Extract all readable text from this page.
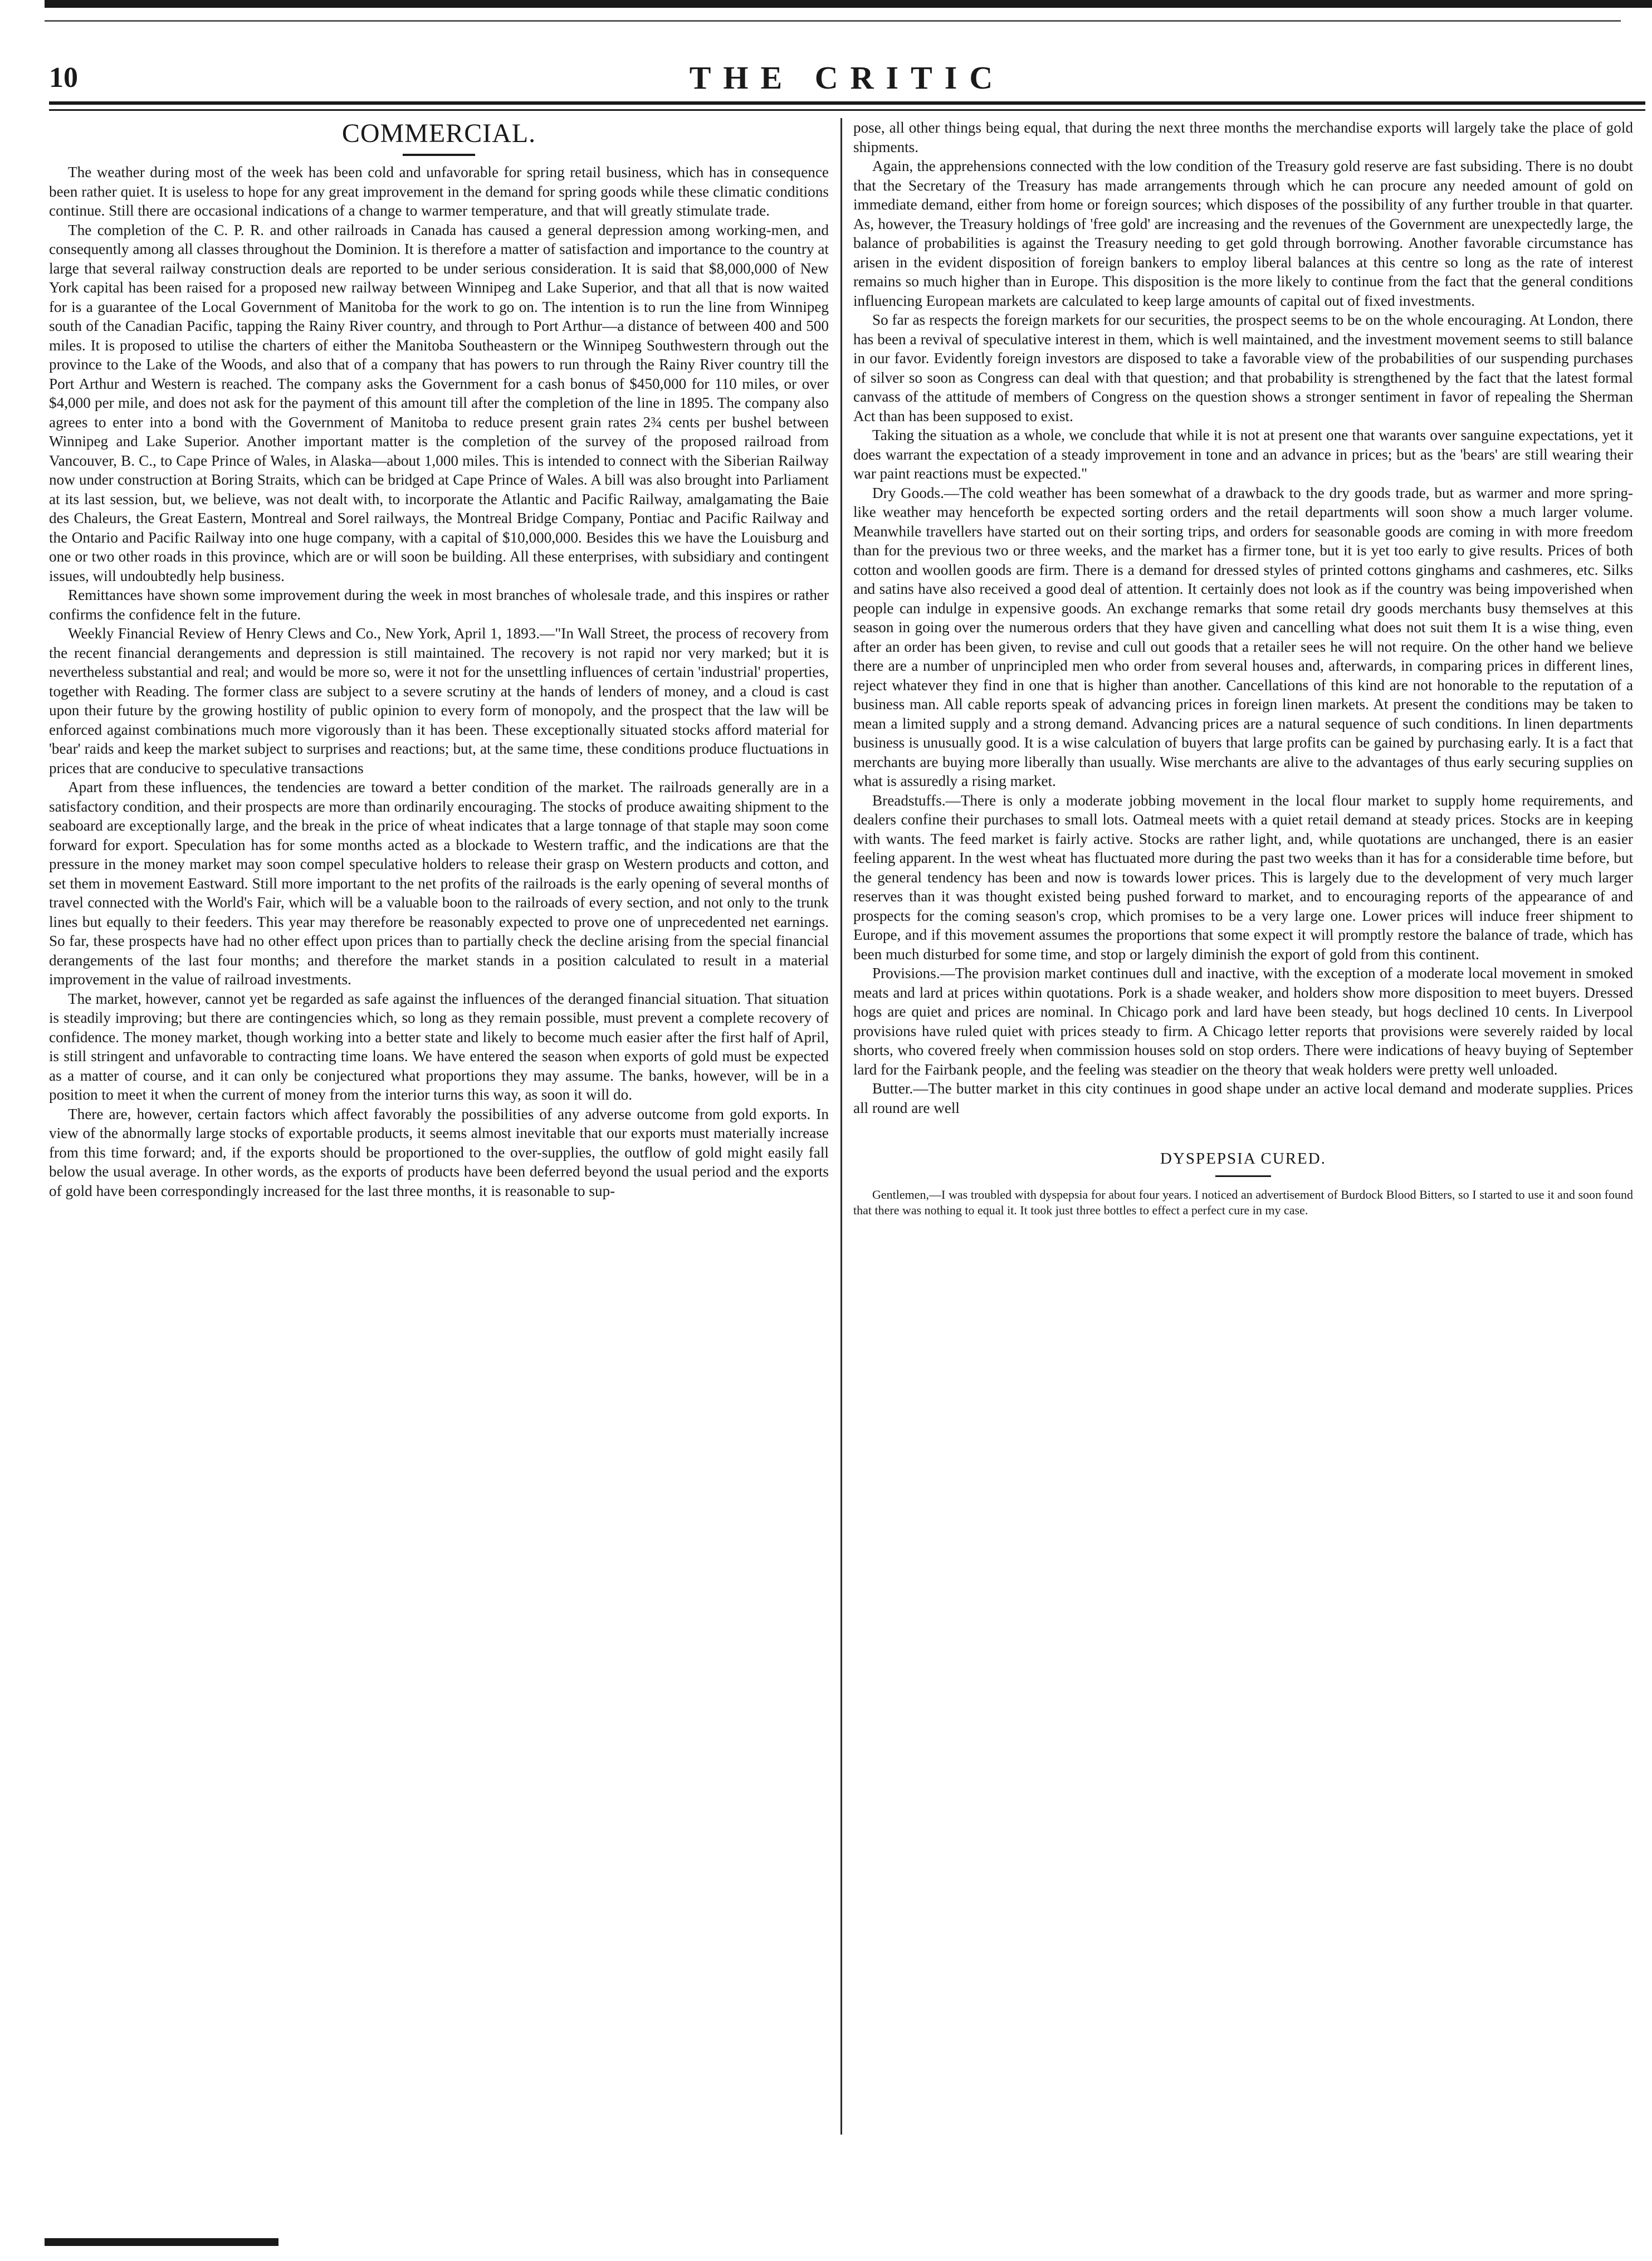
10	THE CRITIC
COMMERCIAL.

The weather during most of the week has been cold and unfavorable for spring retail business, which has in consequence been rather quiet. It is useless to hope for any great improvement in the demand for spring goods while these climatic conditions continue. Still there are occasional indications of a change to warmer temperature, and that will greatly stimulate trade.

The completion of the C. P. R. and other railroads in Canada has caused a general depression among working-men, and consequently among all classes throughout the Dominion. It is therefore a matter of satisfaction and importance to the country at large that several railway construction deals are reported to be under serious consideration. It is said that $8,000,000 of New York capital has been raised for a proposed new railway between Winnipeg and Lake Superior, and that all that is now waited for is a guarantee of the Local Government of Manitoba for the work to go on. The intention is to run the line from Winnipeg south of the Canadian Pacific, tapping the Rainy River country, and through to Port Arthur—a distance of between 400 and 500 miles. It is proposed to utilise the charters of either the Manitoba Southeastern or the Winnipeg Southwestern through out the province to the Lake of the Woods, and also that of a company that has powers to run through the Rainy River country till the Port Arthur and Western is reached. The company asks the Government for a cash bonus of $450,000 for 110 miles, or over $4,000 per mile, and does not ask for the payment of this amount till after the completion of the line in 1895. The company also agrees to enter into a bond with the Government of Manitoba to reduce present grain rates 2¾ cents per bushel between Winnipeg and Lake Superior. Another important matter is the completion of the survey of the proposed railroad from Vancouver, B. C., to Cape Prince of Wales, in Alaska—about 1,000 miles. This is intended to connect with the Siberian Railway now under construction at Boring Straits, which can be bridged at Cape Prince of Wales. A bill was also brought into Parliament at its last session, but, we believe, was not dealt with, to incorporate the Atlantic and Pacific Railway, amalgamating the Baie des Chaleurs, the Great Eastern, Montreal and Sorel railways, the Montreal Bridge Company, Pontiac and Pacific Railway and the Ontario and Pacific Railway into one huge company, with a capital of $10,000,000. Besides this we have the Louisburg and one or two other roads in this province, which are or will soon be building. All these enterprises, with subsidiary and contingent issues, will undoubtedly help business.

Remittances have shown some improvement during the week in most branches of wholesale trade, and this inspires or rather confirms the confidence felt in the future.

Weekly Financial Review of Henry Clews and Co., New York, April 1, 1893.—"In Wall Street, the process of recovery from the recent financial derangements and depression is still maintained. The recovery is not rapid nor very marked; but it is nevertheless substantial and real; and would be more so, were it not for the unsettling influences of certain 'industrial' properties, together with Reading. The former class are subject to a severe scrutiny at the hands of lenders of money, and a cloud is cast upon their future by the growing hostility of public opinion to every form of monopoly, and the prospect that the law will be enforced against combinations much more vigorously than it has been. These exceptionally situated stocks afford material for 'bear' raids and keep the market subject to surprises and reactions; but, at the same time, these conditions produce fluctuations in prices that are conducive to speculative transactions

Apart from these influences, the tendencies are toward a better condition of the market. The railroads generally are in a satisfactory condition, and their prospects are more than ordinarily encouraging. The stocks of produce awaiting shipment to the seaboard are exceptionally large, and the break in the price of wheat indicates that a large tonnage of that staple may soon come forward for export. Speculation has for some months acted as a blockade to Western traffic, and the indications are that the pressure in the money market may soon compel speculative holders to release their grasp on Western products and cotton, and set them in movement Eastward. Still more important to the net profits of the railroads is the early opening of several months of travel connected with the World's Fair, which will be a valuable boon to the railroads of every section, and not only to the trunk lines but equally to their feeders. This year may therefore be reasonably expected to prove one of unprecedented net earnings. So far, these prospects have had no other effect upon prices than to partially check the decline arising from the special financial derangements of the last four months; and therefore the market stands in a position calculated to result in a material improvement in the value of railroad investments.

The market, however, cannot yet be regarded as safe against the influences of the deranged financial situation. That situation is steadily improving; but there are contingencies which, so long as they remain possible, must prevent a complete recovery of confidence. The money market, though working into a better state and likely to become much easier after the first half of April, is still stringent and unfavorable to contracting time loans. We have entered the season when exports of gold must be expected as a matter of course, and it can only be conjectured what proportions they may assume. The banks, however, will be in a position to meet it when the current of money from the interior turns this way, as soon it will do.

There are, however, certain factors which affect favorably the possibilities of any adverse outcome from gold exports. In view of the abnormally large stocks of exportable products, it seems almost inevitable that our exports must materially increase from this time forward; and, if the exports should be proportioned to the over-supplies, the outflow of gold might easily fall below the usual average. In other words, as the exports of products have been deferred beyond the usual period and the exports of gold have been correspondingly increased for the last three months, it is reasonable to sup-

pose, all other things being equal, that during the next three months the merchandise exports will largely take the place of gold shipments.

Again, the apprehensions connected with the low condition of the Treasury gold reserve are fast subsiding. There is no doubt that the Secretary of the Treasury has made arrangements through which he can procure any needed amount of gold on immediate demand, either from home or foreign sources; which disposes of the possibility of any further trouble in that quarter. As, however, the Treasury holdings of 'free gold' are increasing and the revenues of the Government are unexpectedly large, the balance of probabilities is against the Treasury needing to get gold through borrowing. Another favorable circumstance has arisen in the evident disposition of foreign bankers to employ liberal balances at this centre so long as the rate of interest remains so much higher than in Europe. This disposition is the more likely to continue from the fact that the general conditions influencing European markets are calculated to keep large amounts of capital out of fixed investments.

So far as respects the foreign markets for our securities, the prospect seems to be on the whole encouraging. At London, there has been a revival of speculative interest in them, which is well maintained, and the investment movement seems to still balance in our favor. Evidently foreign investors are disposed to take a favorable view of the probabilities of our suspending purchases of silver so soon as Congress can deal with that question; and that probability is strengthened by the fact that the latest formal canvass of the attitude of members of Congress on the question shows a stronger sentiment in favor of repealing the Sherman Act than has been supposed to exist.

Taking the situation as a whole, we conclude that while it is not at present one that warants over sanguine expectations, yet it does warrant the expectation of a steady improvement in tone and an advance in prices; but as the 'bears' are still wearing their war paint reactions must be expected."

Dry Goods.—The cold weather has been somewhat of a drawback to the dry goods trade, but as warmer and more spring-like weather may henceforth be expected sorting orders and the retail departments will soon show a much larger volume. Meanwhile travellers have started out on their sorting trips, and orders for seasonable goods are coming in with more freedom than for the previous two or three weeks, and the market has a firmer tone, but it is yet too early to give results. Prices of both cotton and woollen goods are firm. There is a demand for dressed styles of printed cottons ginghams and cashmeres, etc. Silks and satins have also received a good deal of attention. It certainly does not look as if the country was being impoverished when people can indulge in expensive goods. An exchange remarks that some retail dry goods merchants busy themselves at this season in going over the numerous orders that they have given and cancelling what does not suit them It is a wise thing, even after an order has been given, to revise and cull out goods that a retailer sees he will not require. On the other hand we believe there are a number of unprincipled men who order from several houses and, afterwards, in comparing prices in different lines, reject whatever they find in one that is higher than another. Cancellations of this kind are not honorable to the reputation of a business man. All cable reports speak of advancing prices in foreign linen markets. At present the conditions may be taken to mean a limited supply and a strong demand. Advancing prices are a natural sequence of such conditions. In linen departments business is unusually good. It is a wise calculation of buyers that large profits can be gained by purchasing early. It is a fact that merchants are buying more liberally than usually. Wise merchants are alive to the advantages of thus early securing supplies on what is assuredly a rising market.

Breadstuffs.—There is only a moderate jobbing movement in the local flour market to supply home requirements, and dealers confine their purchases to small lots. Oatmeal meets with a quiet retail demand at steady prices. Stocks are in keeping with wants. The feed market is fairly active. Stocks are rather light, and, while quotations are unchanged, there is an easier feeling apparent. In the west wheat has fluctuated more during the past two weeks than it has for a considerable time before, but the general tendency has been and now is towards lower prices. This is largely due to the development of very much larger reserves than it was thought existed being pushed forward to market, and to encouraging reports of the appearance of and prospects for the coming season's crop, which promises to be a very large one. Lower prices will induce freer shipment to Europe, and if this movement assumes the proportions that some expect it will promptly restore the balance of trade, which has been much disturbed for some time, and stop or largely diminish the export of gold from this continent.

Provisions.—The provision market continues dull and inactive, with the exception of a moderate local movement in smoked meats and lard at prices within quotations. Pork is a shade weaker, and holders show more disposition to meet buyers. Dressed hogs are quiet and prices are nominal. In Chicago pork and lard have been steady, but hogs declined 10 cents. In Liverpool provisions have ruled quiet with prices steady to firm. A Chicago letter reports that provisions were severely raided by local shorts, who covered freely when commission houses sold on stop orders. There were indications of heavy buying of September lard for the Fairbank people, and the feeling was steadier on the theory that weak holders were pretty well unloaded.

Butter.—The butter market in this city continues in good shape under an active local demand and moderate supplies. Prices all round are well

DYSPEPSIA CURED.
Gentlemen,—I was troubled with dyspepsia for about four years. I noticed an advertisement of Burdock Blood Bitters, so I started to use it and soon found that there was nothing to equal it. It took just three bottles to effect a perfect cure in my case.
